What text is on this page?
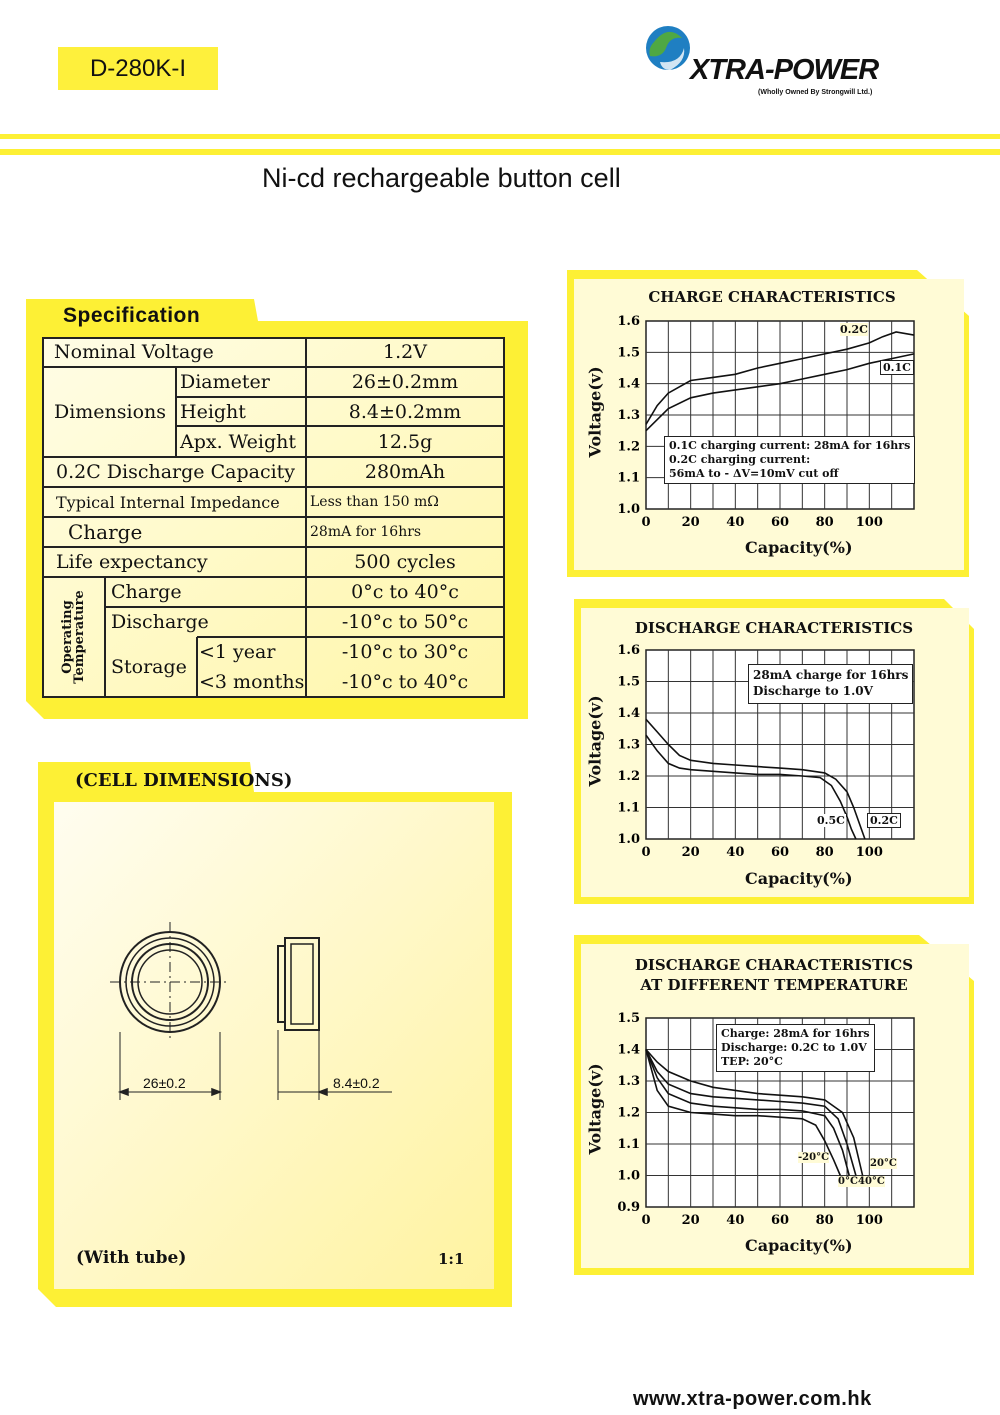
D-280K-I	XTRA-POWER
(Wholly Owned By Strongwill Ltd.)
Ni-cd rechargeable button cell
Specification
Nominal Voltage	1.2V
Dimensions
Diameter	26±0.2mm
Height	8.4±0.2mm
Apx. Weight	12.5g
0.2C Discharge Capacity	280mAh
Typical Internal Impedance	Less than 150 mΩ
Charge	28mA for 16hrs
Life expectancy	500 cycles
Operating Temperature	Charge	0°c to 40°c
Discharge	-10°c to 50°c
Storage
<1 year	-10°c to 30°c
<3 months	-10°c to 40°c
(CELL DIMENSIONS)
26±0.2	8.4±0.2
(With tube)	1:1
CHARGE CHARACTERISTICS
Voltage(v)
Capacity(%)
1.0
1.1
1.2
1.3
1.4
1.5
1.6
0 20 40 60 80 100
0.1C charging current: 28mA for 16hrs
0.2C charging current:
56mA to - ΔV=10mV cut off
0.2C
0.1C
DISCHARGE CHARACTERISTICS
Voltage(v)
Capacity(%)
1.0
1.1
1.2
1.3
1.4
1.5
1.6
0 20 40 60 80 100
28mA charge for 16hrs
Discharge to 1.0V
0.5C 0.2C
DISCHARGE CHARACTERISTICS
AT DIFFERENT TEMPERATURE
Voltage(v)
Capacity(%)
0.9
1.0
1.1
1.2
1.3
1.4
1.5
0 20 40 60 80 100
Charge: 28mA for 16hrs
Discharge: 0.2C to 1.0V
TEP: 20°C
-20°C
0°C 40°C
20°C
www.xtra-power.com.hk
